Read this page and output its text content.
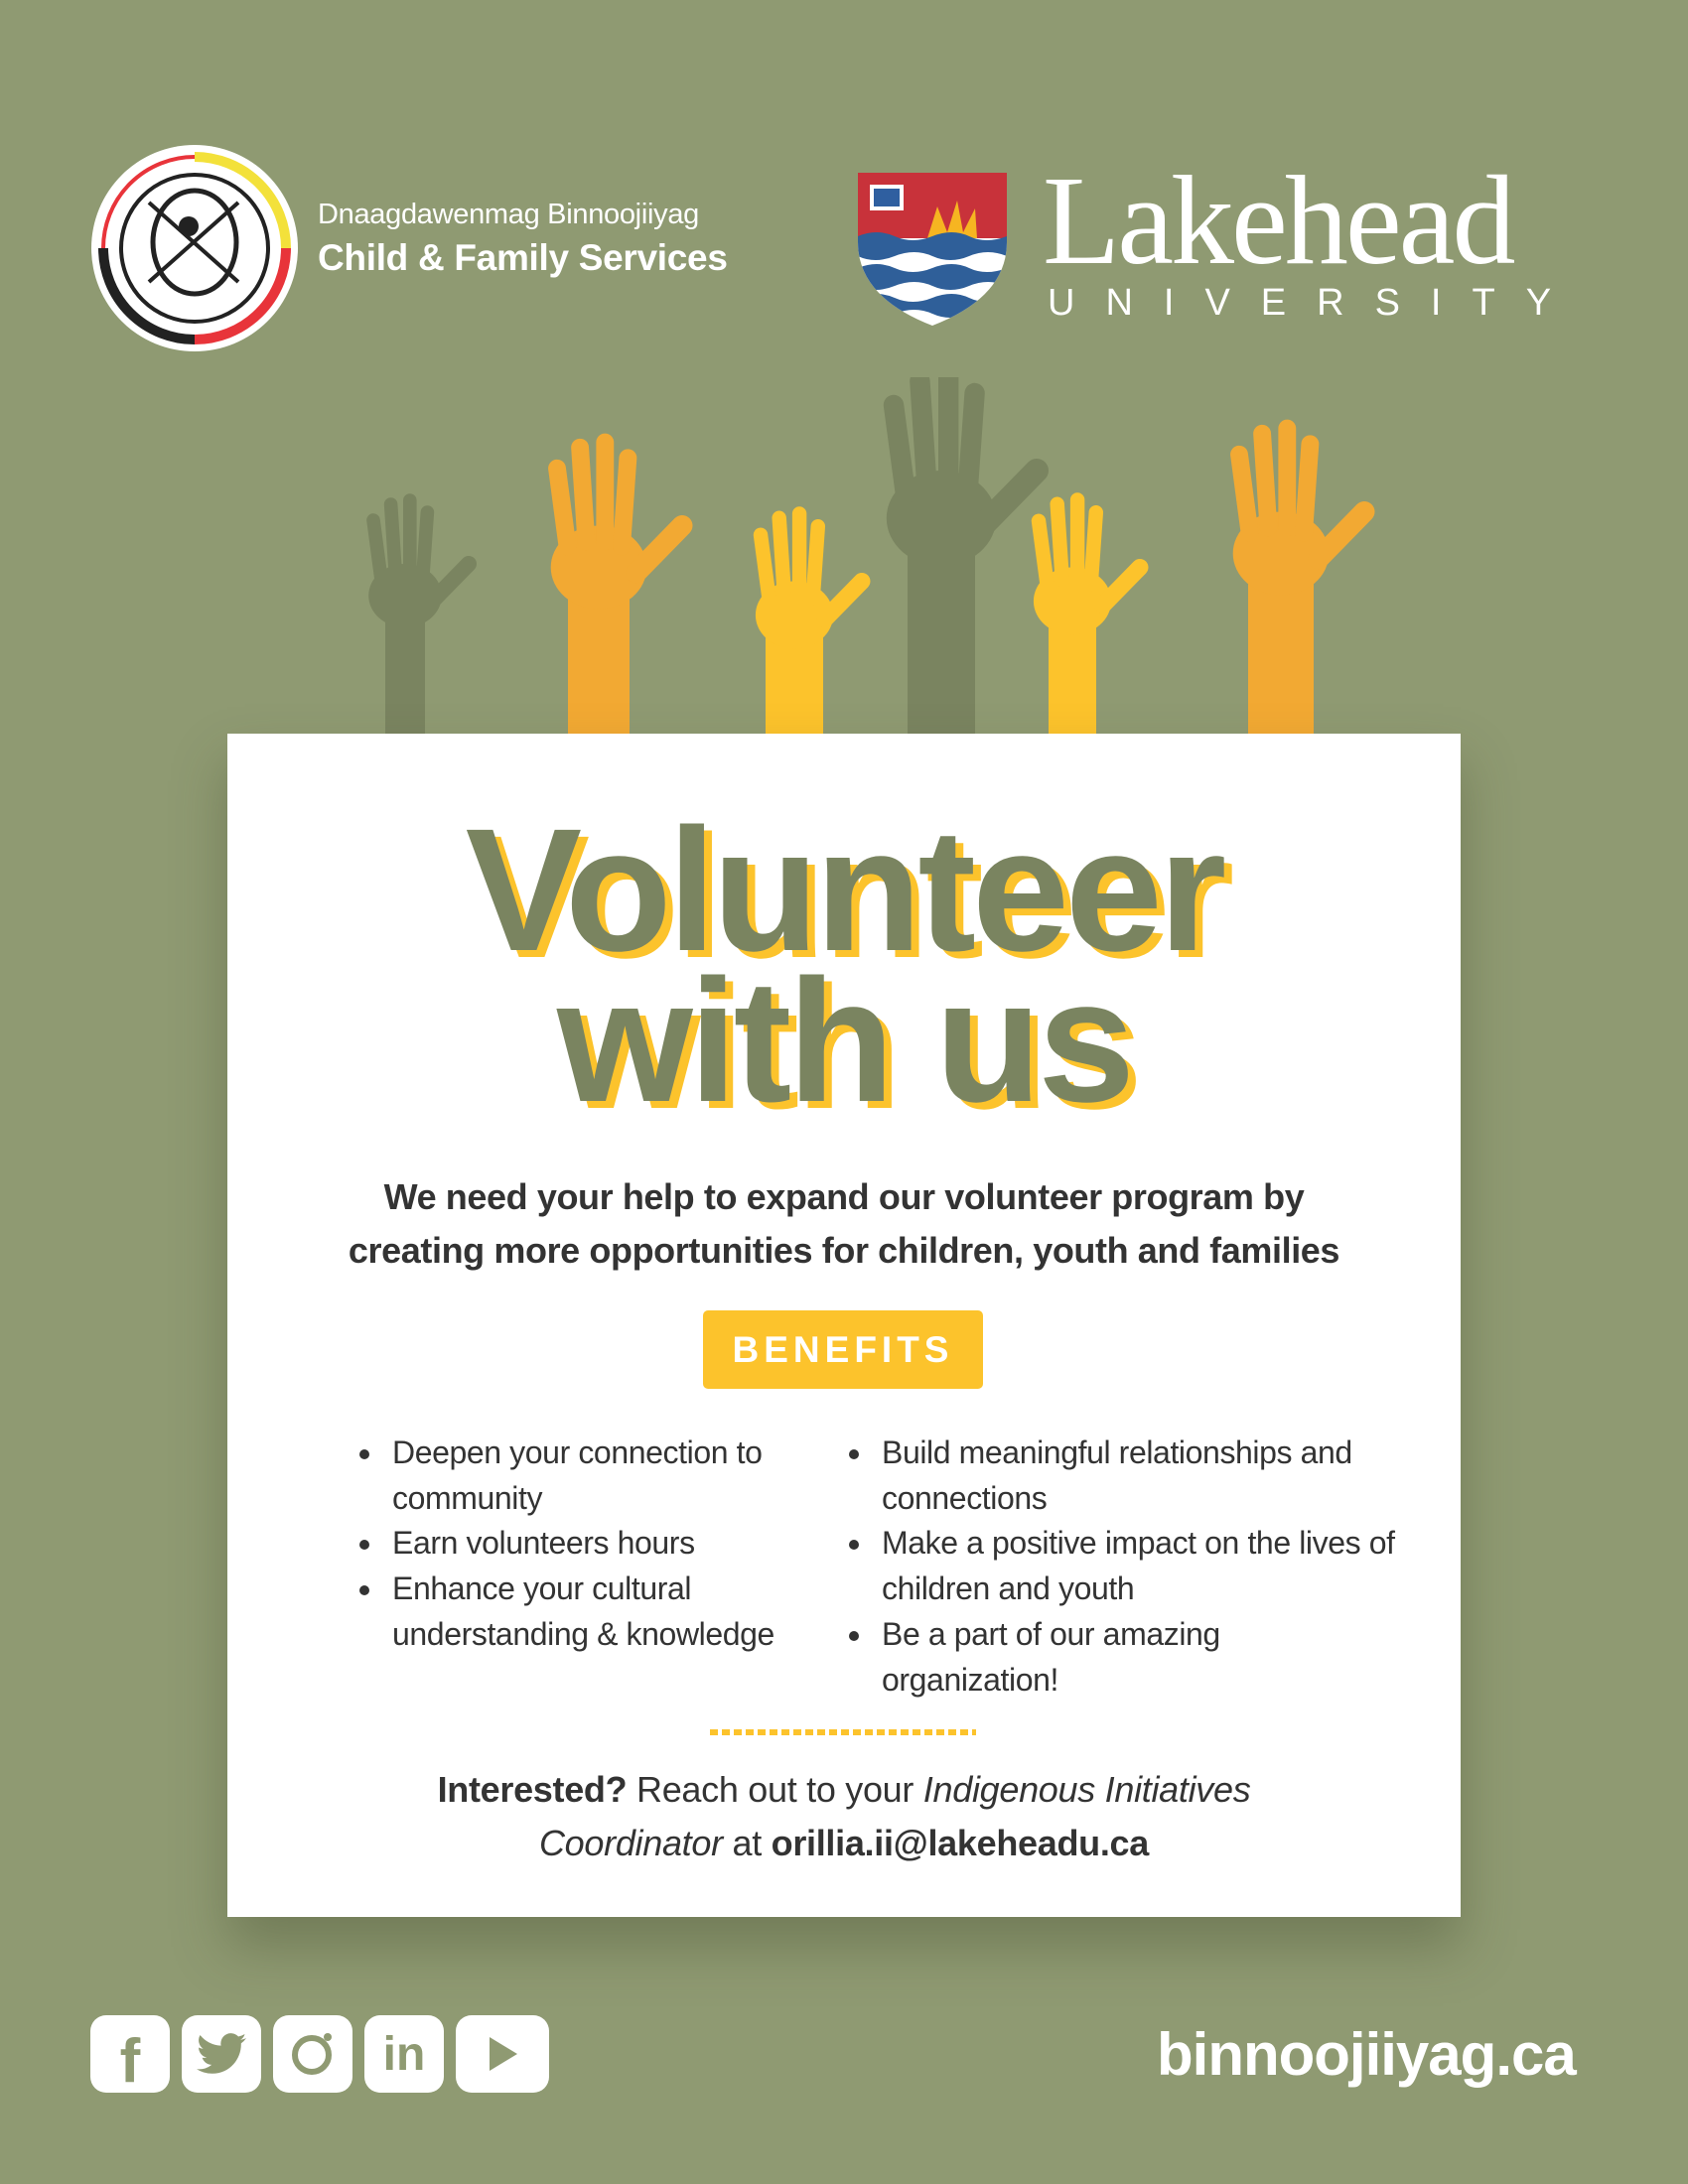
Dnaagdawenmag Binnoojiiyag
Child & Family Services Lakehead
UNIVERSITY
Volunteer
with us
We need your help to expand our volunteer program by
creating more opportunities for children, youth and families
BENEFITS
Deepen your connection to community
Earn volunteers hours
Enhance your cultural understanding & knowledge
Build meaningful relationships and connections
Make a positive impact on the lives of children and youth
Be a part of our amazing organization!
Interested? Reach out to your Indigenous Initiatives
Coordinator at orillia.ii@lakeheadu.ca
f	in	binnoojiiyag.ca
